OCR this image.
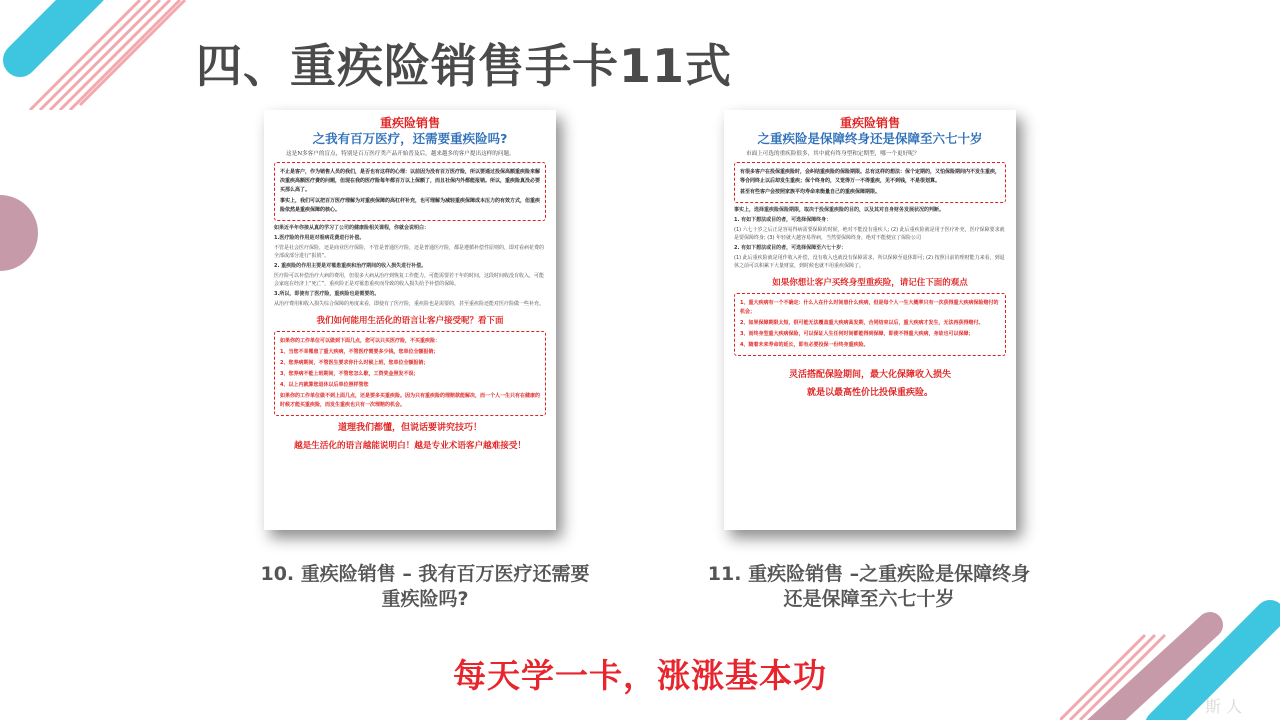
四、重疾险销售手卡11式
重疾险销售
之我有百万医疗，还需要重疾险吗?

这是N多客户的盲点，特别是百万医疗类产品开始普及后，越来越多的客户提出这样的问题。

不止是客户，作为销售人员的我们，是否也有这样的心理：以前因为没有百万医疗险，所以要通过投保高额重疾险来解决重疾高额医疗费的问题，但现在我的医疗险每年都百万以上保额了，而且社保内外都能报销。所以，重疾险真没必要买那么高了。

事实上，我们可以把百万医疗理解为对重疾保障的高杠杆补充，也可理解为减轻重疾保障成本压力的有效方式，但重疾险依然是重疾保障的核心。

如果近半年你接从真的学习了公司的健康险相关课程，你就会说明白：

1.医疗险的作用是对看病花费进行补偿。

不管是社会医疗保险，还是商业医疗保险，不管是普通医疗险，还是普通医疗险，都是遵循补偿性原则的，即对看病花费的全部或部分进行“报销”。

2. 重疾险的作用主要是对罹患重疾和治疗期间的收入损失进行补偿。

医疗险可以补偿治疗大病的费用，但很多大病从治疗到恢复工作能力，可能需要若干年的时间，这段时间收没有收入，可能会家庭在经济上“死亡”，重疾险正是对罹患重疾而导致的收入损失给予补偿的保障。

3.所以，即使有了医疗险，重疾险也是需要的。

从治疗费用和收入损失综合保障的角度来看，即使有了医疗险，重疾险也是需要的，甚至重疾险还能对医疗险做一些补充。

我们如何能用生活化的语言让客户接受呢？看下面

如果你的工作单位可以做到下面几点，您可以只买医疗险，不买重疾险：

1、当您不幸罹患了重大疾病，不管医疗需要多少钱，您单位全额报销；

2、您养病期间，不管医生要求你什么时候上班，您单位全额报销；

3、您养病不能上班期间，不管您怎么歇，工资奖金照发不误；

4、以上内就算您退休以后单位照样管您

如果你的工作单位做不到上面几点，还是要多买重疾险。因为只有重疾险的理赔款能解决，而一个人一生只有在健康的时候才能买重疾险，而发生重疾也只有一次理赔的机会。

道理我们都懂，但说话要讲究技巧！
越是生活化的语言越能说明白！越是专业术语客户越难接受！
重疾险销售
之重疾险是保障终身还是保障至六七十岁

市面上可选的重疾险很多，其中就有终身型和定期型，哪一个更好呢？

有很多客户在投保重疾险时，会纠结重疾险的保险期限。总有这样的想法：保个定期的，又怕保险期间内不发生重疾，等合同终止以后却发生重疾；保个终身的，又觉得万一不得重疾，见不到钱，不是很划算。

甚至有些客户会按照家族平均寿命来衡量自己的重疾保障期限。

事实上，选择重疾险保险期限，取决于投保重疾险的目的，以及其对自身财务发展状况的判断。

1. 有如下想法或目的者，可选择保障终身：

(1) 六七十岁之后正是容易得病需要保障的时候，绝对不能没有重疾人; (2) 此后重疾险就是用于医疗补充，医疗保障要求就是要保障终身; (3) 年轻就大越容易得病，当然要保障终身，绝对不能便宜了保险公司

2. 有如下想法或目的者，可选择保障至六七十岁：

(1) 此后重疾险就是用作收入补偿，没有收入也就没有保障需求，所以保障至退休即可; (2) 按照目前的理财能力来看，到退休之前可以积累下大量财富，到时候也就不用重疾保障了。

如果你想让客户买终身型重疾险，请记住下面的观点

1、重大疾病有一个不确定：什么人在什么时间患什么疾病，但是每个人一生大概率只有一次获得重大疾病保险赔付的机会；

2、如果保障期限太短，很可能无法覆盖重大疾病高发期，合同结束以后，重大疾病才发生，无法再获得赔付。

3、而终身型重大疾病保险，可以保证人生任何时间都能得到保障，即使不得重大疾病，身故也可以保障；

4、随着未来寿命的延长，即有必要投保一份终身重疾险。

灵活搭配保险期间，最大化保障收入损失
就是以最高性价比投保重疾险。
10. 重疾险销售 – 我有百万医疗还需要重疾险吗?
11. 重疾险销售 –之重疾险是保障终身还是保障至六七十岁
每天学一卡，涨涨基本功
斯 人
